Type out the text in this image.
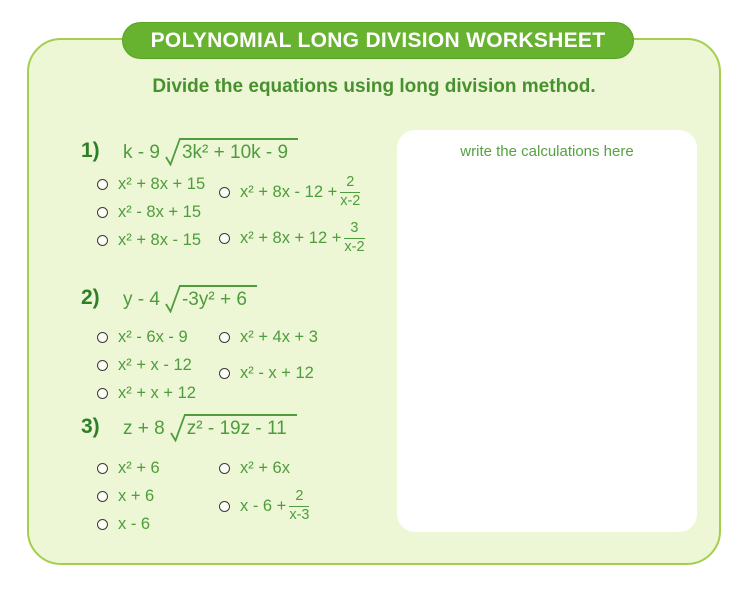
POLYNOMIAL LONG DIVISION WORKSHEET
Divide the equations using long division method.
1)	k - 9 3k² + 10k - 9
x² + 8x + 15
x² - 8x + 15
x² + 8x - 15
$x^2 + 8x - 12 + \frac{2}{x-2}$
$x^2 + 8x + 12 + \frac{3}{x-2}$
2)	y - 4 -3y² + 6
x² - 6x - 9
x² + x - 12
x² + x + 12
x² + 4x + 3
x² - x + 12
3)	z + 8 z² - 19z - 11
x² + 6
x + 6
x - 6
x² + 6x
$x - 6 + \frac{2}{x-3}$
write the calculations here
